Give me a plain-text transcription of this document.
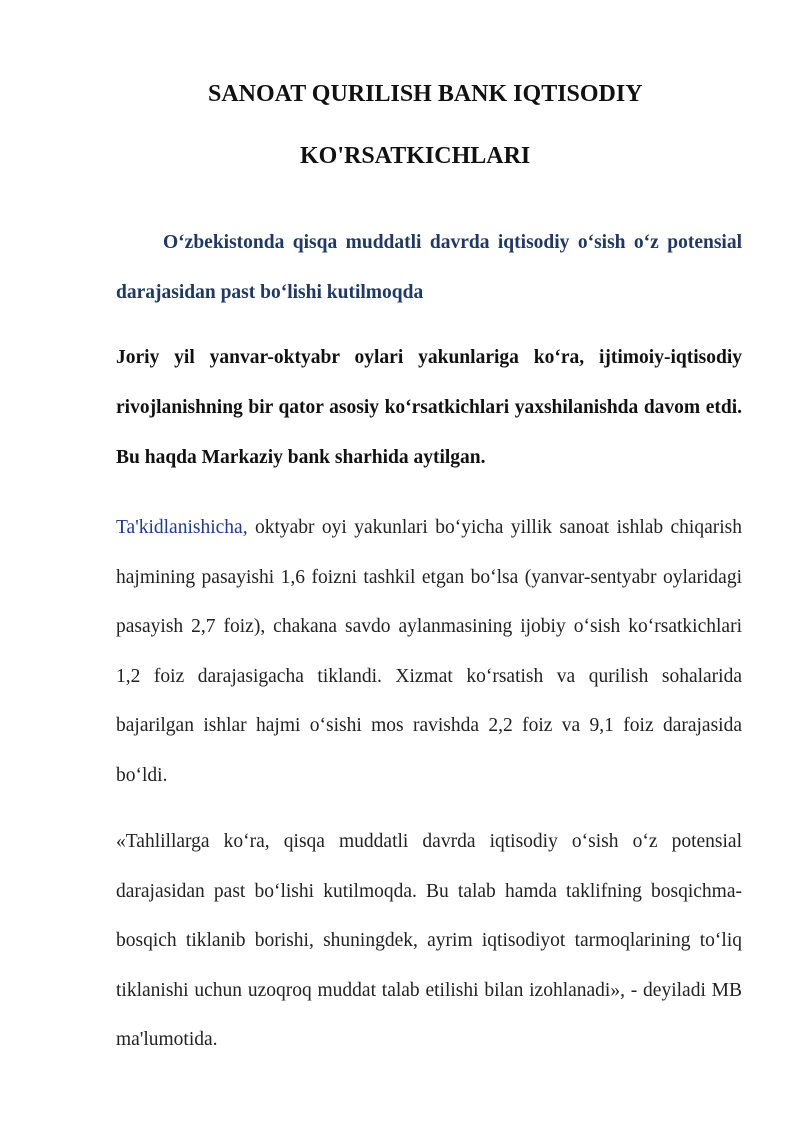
SANOAT QURILISH BANK IQTISODIY
KO'RSATKICHLARI

O‘zbekistonda qisqa muddatli davrda iqtisodiy o‘sish o‘z potensial darajasidan past bo‘lishi kutilmoqda

Joriy yil yanvar-oktyabr oylari yakunlariga ko‘ra, ijtimoiy-iqtisodiy rivojlanishning bir qator asosiy ko‘rsatkichlari yaxshilanishda davom etdi. Bu haqda Markaziy bank sharhida aytilgan.

Ta'kidlanishicha, oktyabr oyi yakunlari bo‘yicha yillik sanoat ishlab chiqarish hajmining pasayishi 1,6 foizni tashkil etgan bo‘lsa (yanvar-sentyabr oylaridagi pasayish 2,7 foiz), chakana savdo aylanmasining ijobiy o‘sish ko‘rsatkichlari 1,2 foiz darajasigacha tiklandi. Xizmat ko‘rsatish va qurilish sohalarida bajarilgan ishlar hajmi o‘sishi mos ravishda 2,2 foiz va 9,1 foiz darajasida bo‘ldi.

«Tahlillarga ko‘ra, qisqa muddatli davrda iqtisodiy o‘sish o‘z potensial darajasidan past bo‘lishi kutilmoqda. Bu talab hamda taklifning bosqichma-bosqich tiklanib borishi, shuningdek, ayrim iqtisodiyot tarmoqlarining to‘liq tiklanishi uchun uzoqroq muddat talab etilishi bilan izohlanadi», - deyiladi MB ma'lumotida.
